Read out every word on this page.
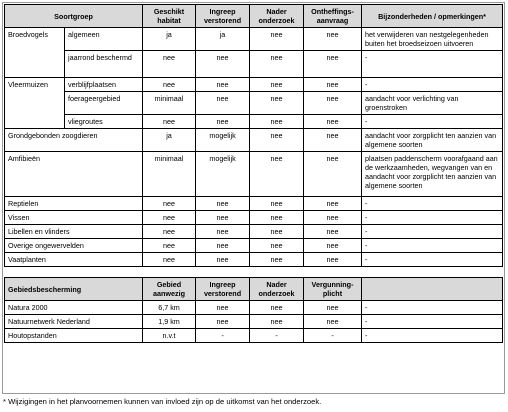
Soortgroep		Geschikt habitat	Ingreep verstorend	Nader onderzoek	Ontheffings-aanvraag	Bijzonderheden / opmerkingen*
Broedvogels	algemeen	ja	ja	nee	nee	het verwijderen van nestgelegenheden buiten het broedseizoen uitvoeren
	jaarrond beschermd	nee	nee	nee	nee	-
Vleermuizen	verblijfplaatsen	nee	nee	nee	nee	-
	foerageergebied	minimaal	nee	nee	nee	aandacht voor verlichting van groenstroken
	vliegroutes	nee	nee	nee	nee	-
Grondgebonden zoogdieren		ja	mogelijk	nee	nee	aandacht voor zorgplicht ten aanzien van algemene soorten
Amfibieën		minimaal	mogelijk	nee	nee	plaatsen paddenscherm voorafgaand aan de werkzaamheden, wegvangen van en aandacht voor zorgplicht ten aanzien van algemene soorten
Reptielen		nee	nee	nee	nee	-
Vissen		nee	nee	nee	nee	-
Libellen en vlinders		nee	nee	nee	nee	-
Overige ongewervelden		nee	nee	nee	nee	-
Vaatplanten		nee	nee	nee	nee	-

Gebiedsbescherming		Gebied aanwezig	Ingreep verstorend	Nader onderzoek	Vergunning-plicht	
Natura 2000		6,7 km	nee	nee	nee	-
Natuurnetwerk Nederland		1,9 km	nee	nee	nee	-
Houtopstanden		n.v.t	-	-	-	-
* Wijzigingen in het planvoornemen kunnen van invloed zijn op de uitkomst van het onderzoek.
